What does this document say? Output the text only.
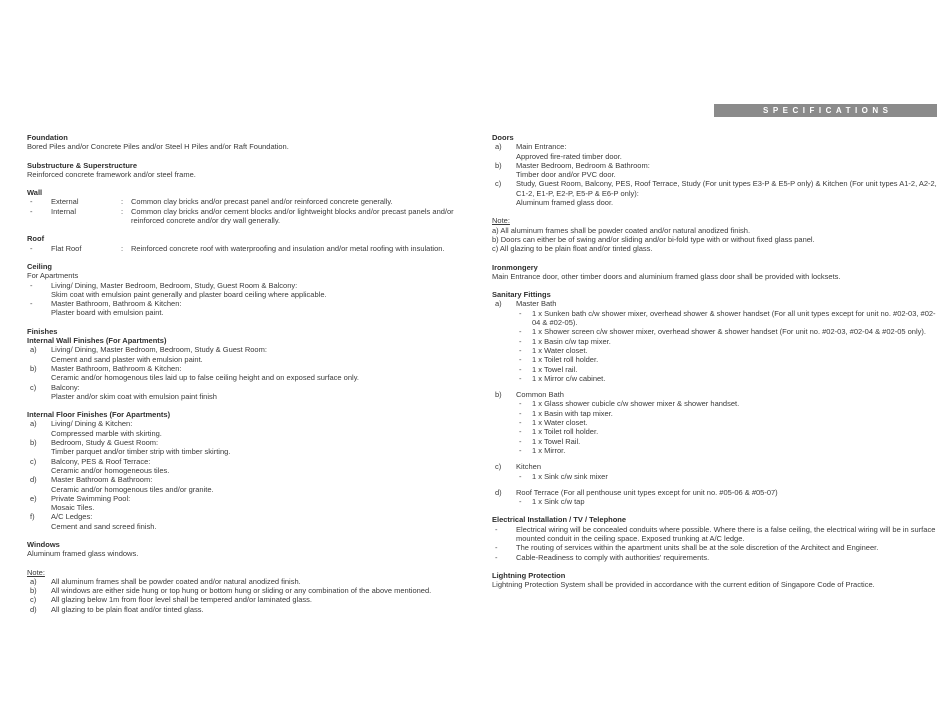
SPECIFICATIONS
Foundation
Bored Piles and/or Concrete Piles and/or Steel H Piles and/or Raft Foundation.
Substructure & Superstructure
Reinforced concrete framework and/or steel frame.
Wall
-	External	:	Common clay bricks and/or precast panel and/or reinforced concrete generally.
-	Internal	:	Common clay bricks and/or cement blocks and/or lightweight blocks and/or precast panels and/or reinforced concrete and/or dry wall generally.
Roof
-	Flat Roof	:	Reinforced concrete roof with waterproofing and insulation and/or metal roofing with insulation.
Ceiling
For Apartments
-	Living/ Dining, Master Bedroom, Bedroom, Study, Guest Room & Balcony:
Skim coat with emulsion paint generally and plaster board ceiling where applicable.
-	Master Bathroom, Bathroom & Kitchen:
Plaster board with emulsion paint.
Finishes
Internal Wall Finishes (For Apartments)
a)	Living/ Dining, Master Bedroom, Bedroom, Study & Guest Room:
Cement and sand plaster with emulsion paint.
b)	Master Bathroom, Bathroom & Kitchen:
Ceramic and/or homogenous tiles laid up to false ceiling height and on exposed surface only.
c)	Balcony:
Plaster and/or skim coat with emulsion paint finish
Internal Floor Finishes (For Apartments)
a)	Living/ Dining & Kitchen:
Compressed marble with skirting.
b)	Bedroom, Study & Guest Room:
Timber parquet and/or timber strip with timber skirting.
c)	Balcony, PES & Roof Terrace:
Ceramic and/or homogeneous tiles.
d)	Master Bathroom & Bathroom:
Ceramic and/or homogenous tiles and/or granite.
e)	Private Swimming Pool:
Mosaic Tiles.
f)	A/C Ledges:
Cement and sand screed finish.
Windows
Aluminum framed glass windows.
Note:
a)	All aluminum frames shall be powder coated and/or natural anodized finish.
b)	All windows are either side hung or top hung or bottom hung or sliding or any combination of the above mentioned.
c)	All glazing below 1m from floor level shall be tempered and/or laminated glass.
d)	All glazing to be plain float and/or tinted glass.
Doors
a)	Main Entrance:
Approved fire-rated timber door.
b)	Master Bedroom, Bedroom & Bathroom:
Timber door and/or PVC door.
c)	Study, Guest Room, Balcony, PES, Roof Terrace, Study (For unit types E3-P & E5-P only) & Kitchen (For unit types A1-2, A2-2, C1-2, E1-P, E2-P, E5-P & E6-P only):
Aluminum framed glass door.
Note:
a) All aluminum frames shall be powder coated and/or natural anodized finish.
b) Doors can either be of swing and/or sliding and/or bi-fold type with or without fixed glass panel.
c) All glazing to be plain float and/or tinted glass.
Ironmongery
Main Entrance door, other timber doors and aluminium framed glass door shall be provided with locksets.
Sanitary Fittings
a)	Master Bath
-	1 x Sunken bath c/w shower mixer, overhead shower & shower handset (For all unit types except for unit no. #02-03, #02-04 & #02-05).
-	1 x Shower screen c/w shower mixer, overhead shower & shower handset (For unit no. #02-03, #02-04 & #02-05 only).
-	1 x Basin c/w tap mixer.
-	1 x Water closet.
-	1 x Toilet roll holder.
-	1 x Towel rail.
-	1 x Mirror c/w cabinet.
b)	Common Bath
-	1 x Glass shower cubicle c/w shower mixer & shower handset.
-	1 x Basin with tap mixer.
-	1 x Water closet.
-	1 x Toilet roll holder.
-	1 x Towel Rail.
-	1 x Mirror.
c)	Kitchen
-	1 x Sink c/w sink mixer
d)	Roof Terrace (For all penthouse unit types except for unit no. #05-06 & #05-07)
-	1 x Sink c/w tap
Electrical Installation / TV / Telephone
-	Electrical wiring will be concealed conduits where possible. Where there is a false ceiling, the electrical wiring will be in surface mounted conduit in the ceiling space. Exposed trunking at A/C ledge.
-	The routing of services within the apartment units shall be at the sole discretion of the Architect and Engineer.
-	Cable-Readiness to comply with authorities' requirements.
Lightning Protection
Lightning Protection System shall be provided in accordance with the current edition of Singapore Code of Practice.
